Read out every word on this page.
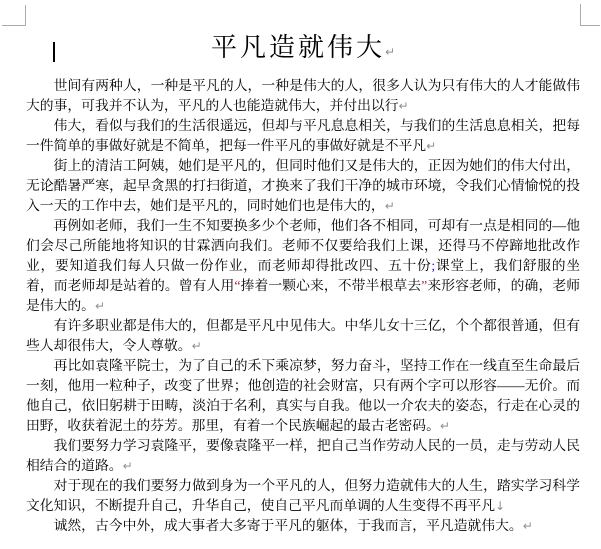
平凡造就伟大↵

世间有两种人，一种是平凡的人，一种是伟大的人，很多人认为只有伟大的人才能做伟大的事，可我并不认为，平凡的人也能造就伟大，并付出以行↵

伟大，看似与我们的生活很遥远，但却与平凡息息相关，与我们的生活息息相关，把每一件简单的事做好就是不简单，把每一件平凡的事做好就是不平凡↵

街上的清洁工阿姨，她们是平凡的，但同时他们又是伟大的，正因为她们的伟大付出，无论酷暑严寒，起早贪黑的打扫街道，才换来了我们干净的城市环境，令我们心情愉悦的投入一天的工作中去，她们是平凡的，同时她们也是伟大的，↵

再例如老师，我们一生不知要换多少个老师，他们各不相同，可却有一点是相同的—他们会尽己所能地将知识的甘霖洒向我们。老师不仅要给我们上课，还得马不停蹄地批改作业，要知道我们每人只做一份作业，而老师却得批改四、五十份;课堂上，我们舒服的坐着，而老师却是站着的。曾有人用“捧着一颗心来，不带半根草去”来形容老师，的确，老师是伟大的。↵

有许多职业都是伟大的，但都是平凡中见伟大。中华儿女十三亿，个个都很普通，但有些人却很伟大，令人尊敬。↵

再比如袁隆平院士，为了自己的禾下乘凉梦，努力奋斗，坚持工作在一线直至生命最后一刻，他用一粒种子，改变了世界；他创造的社会财富，只有两个字可以形容——无价。而他自己，依旧躬耕于田畴，淡泊于名利，真实与自我。他以一介农夫的姿态，行走在心灵的田野，收获着泥土的芬芳。那里，有着一个民族崛起的最古老密码。↵

我们要努力学习袁隆平，要像袁隆平一样，把自己当作劳动人民的一员，走与劳动人民相结合的道路。↵

对于现在的我们要努力做到身为一个平凡的人，但努力造就伟大的人生，踏实学习科学文化知识，不断提升自己，升华自己，使自己平凡而单调的人生变得不再平凡↓

诚然，古今中外，成大事者大多寄于平凡的躯体，于我而言，平凡造就伟大。↵
